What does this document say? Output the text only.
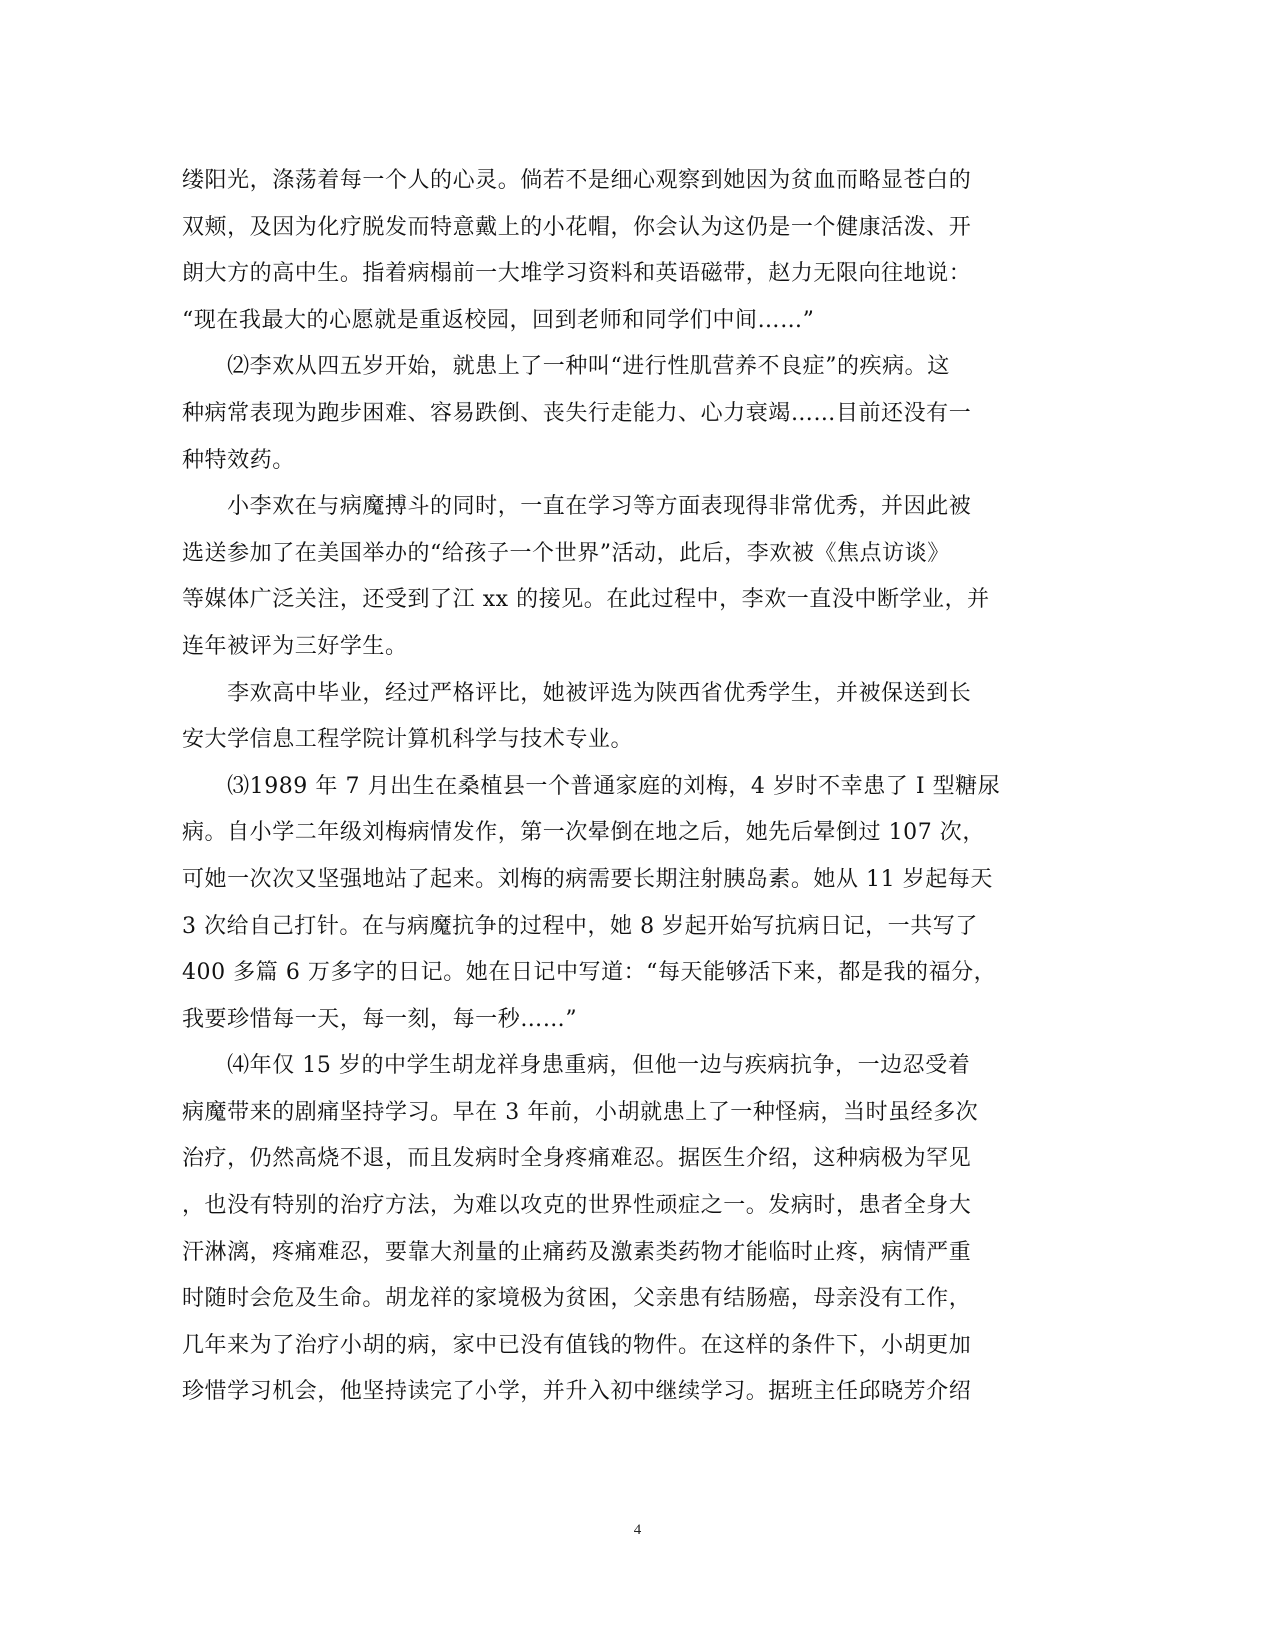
缕阳光，涤荡着每一个人的心灵。倘若不是细心观察到她因为贫血而略显苍白的
双颊，及因为化疗脱发而特意戴上的小花帽，你会认为这仍是一个健康活泼、开
朗大方的高中生。指着病榻前一大堆学习资料和英语磁带，赵力无限向往地说：
“现在我最大的心愿就是重返校园，回到老师和同学们中间……”
　　⑵李欢从四五岁开始，就患上了一种叫“进行性肌营养不良症”的疾病。这
种病常表现为跑步困难、容易跌倒、丧失行走能力、心力衰竭……目前还没有一
种特效药。
　　小李欢在与病魔搏斗的同时，一直在学习等方面表现得非常优秀，并因此被
选送参加了在美国举办的“给孩子一个世界”活动，此后，李欢被《焦点访谈》
等媒体广泛关注，还受到了江 xx 的接见。在此过程中，李欢一直没中断学业，并
连年被评为三好学生。
　　李欢高中毕业，经过严格评比，她被评选为陕西省优秀学生，并被保送到长
安大学信息工程学院计算机科学与技术专业。
　　⑶1989 年 7 月出生在桑植县一个普通家庭的刘梅，4 岁时不幸患了 I 型糖尿
病。自小学二年级刘梅病情发作，第一次晕倒在地之后，她先后晕倒过 107 次，
可她一次次又坚强地站了起来。刘梅的病需要长期注射胰岛素。她从 11 岁起每天
3 次给自己打针。在与病魔抗争的过程中，她 8 岁起开始写抗病日记，一共写了
400 多篇 6 万多字的日记。她在日记中写道：“每天能够活下来，都是我的福分，
我要珍惜每一天，每一刻，每一秒……”
　　⑷年仅 15 岁的中学生胡龙祥身患重病，但他一边与疾病抗争，一边忍受着
病魔带来的剧痛坚持学习。早在 3 年前，小胡就患上了一种怪病，当时虽经多次
治疗，仍然高烧不退，而且发病时全身疼痛难忍。据医生介绍，这种病极为罕见
，也没有特别的治疗方法，为难以攻克的世界性顽症之一。发病时，患者全身大
汗淋漓，疼痛难忍，要靠大剂量的止痛药及激素类药物才能临时止疼，病情严重
时随时会危及生命。胡龙祥的家境极为贫困，父亲患有结肠癌，母亲没有工作，
几年来为了治疗小胡的病，家中已没有值钱的物件。在这样的条件下，小胡更加
珍惜学习机会，他坚持读完了小学，并升入初中继续学习。据班主任邱晓芳介绍
4
